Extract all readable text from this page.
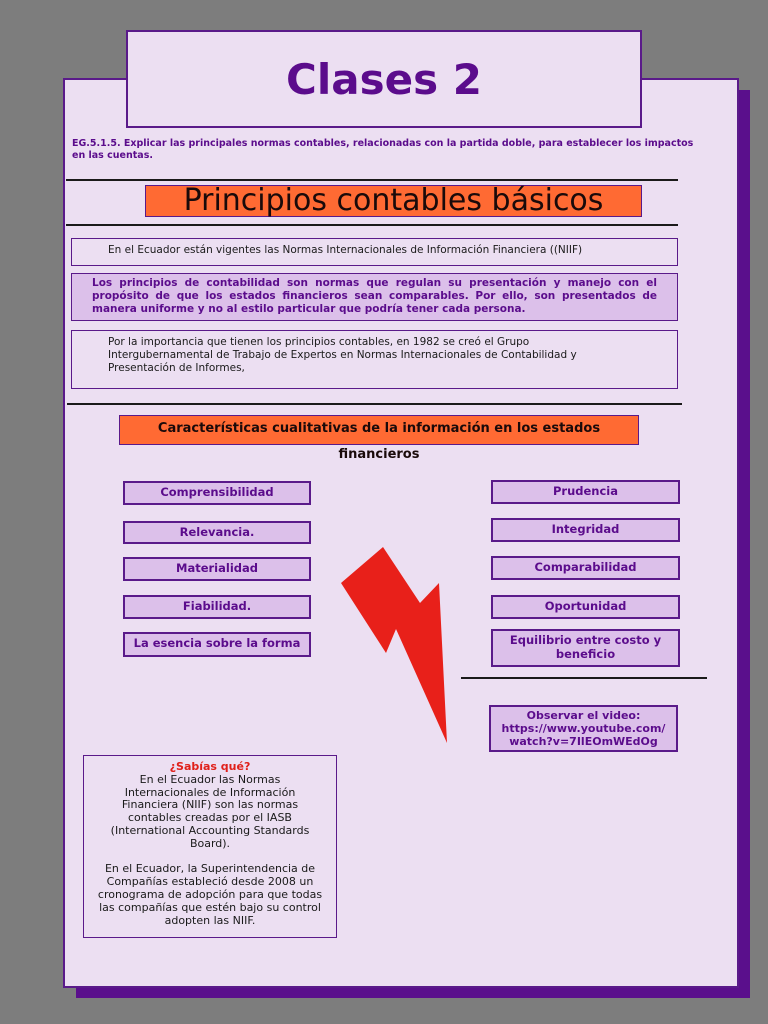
Clases 2
EG.5.1.5. Explicar las principales normas contables, relacionadas con la partida doble, para establecer los impactos en las cuentas.
Principios contables básicos
En el Ecuador están vigentes las Normas Internacionales de Información Financiera ((NIIF)
Los principios de contabilidad son normas que regulan su presentación y manejo con el propósito de que los estados financieros sean comparables. Por ello, son presentados de manera uniforme y no al estilo particular que podría tener cada persona.
Por la importancia que tienen los principios contables, en 1982 se creó el Grupo Intergubernamental de Trabajo de Expertos en Normas Internacionales de Contabilidad y Presentación de Informes,
Características cualitativas de la información en los estados financieros
Comprensibilidad
Relevancia.
Materialidad
Fiabilidad.
La esencia sobre la forma
Prudencia
Integridad
Comparabilidad
Oportunidad
Equilibrio entre costo y beneficio
Observar el video:
https://www.youtube.com/watch?v=7IlEOmWEdOg
¿Sabías qué?
En el Ecuador las Normas Internacionales de Información Financiera (NIIF) son las normas contables creadas por el IASB (International Accounting Standards Board).
En el Ecuador, la Superintendencia de Compañías estableció desde 2008 un cronograma de adopción para que todas las compañías que estén bajo su control adopten las NIIF.
